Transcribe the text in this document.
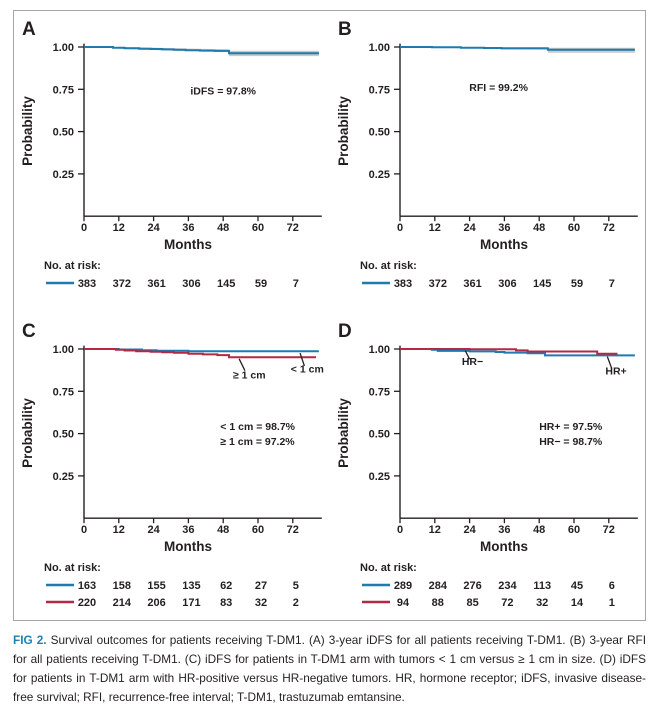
0 12 24 36 48 60 72
0.25
0.50
0.75
1.00
Months
Probability
A
iDFS = 97.8%
No. at risk:
383 372 361 306 145 59 7
0 12 24 36 48 60 72
0.25
0.50
0.75
1.00
Months
Probability
B
RFI = 99.2%
No. at risk:
383 372 361 306 145 59 7
0 12 24 36 48 60 72
0.25
0.50
0.75
1.00
Months
Probability
C
< 1 cm = 98.7%
≥ 1 cm = 97.2%
≥ 1 cm
< 1 cm
No. at risk:
163 158 155 135 62 27 5
220 214 206 171 83 32 2
0 12 24 36 48 60 72
0.25
0.50
0.75
1.00
Months
Probability
D
HR+ = 97.5%
HR− = 98.7%
HR−
HR+
No. at risk:
289 284 276 234 113 45 6
94 88 85 72 32 14 1

FIG 2. Survival outcomes for patients receiving T-DM1. (A) 3-year iDFS for all patients receiving T-DM1. (B) 3-year RFI for all patients receiving T-DM1. (C) iDFS for patients in T-DM1 arm with tumors < 1 cm versus ≥ 1 cm in size. (D) iDFS for patients in T-DM1 arm with HR-positive versus HR-negative tumors. HR, hormone receptor; iDFS, invasive disease-free survival; RFI, recurrence-free interval; T-DM1, trastuzumab emtansine.
